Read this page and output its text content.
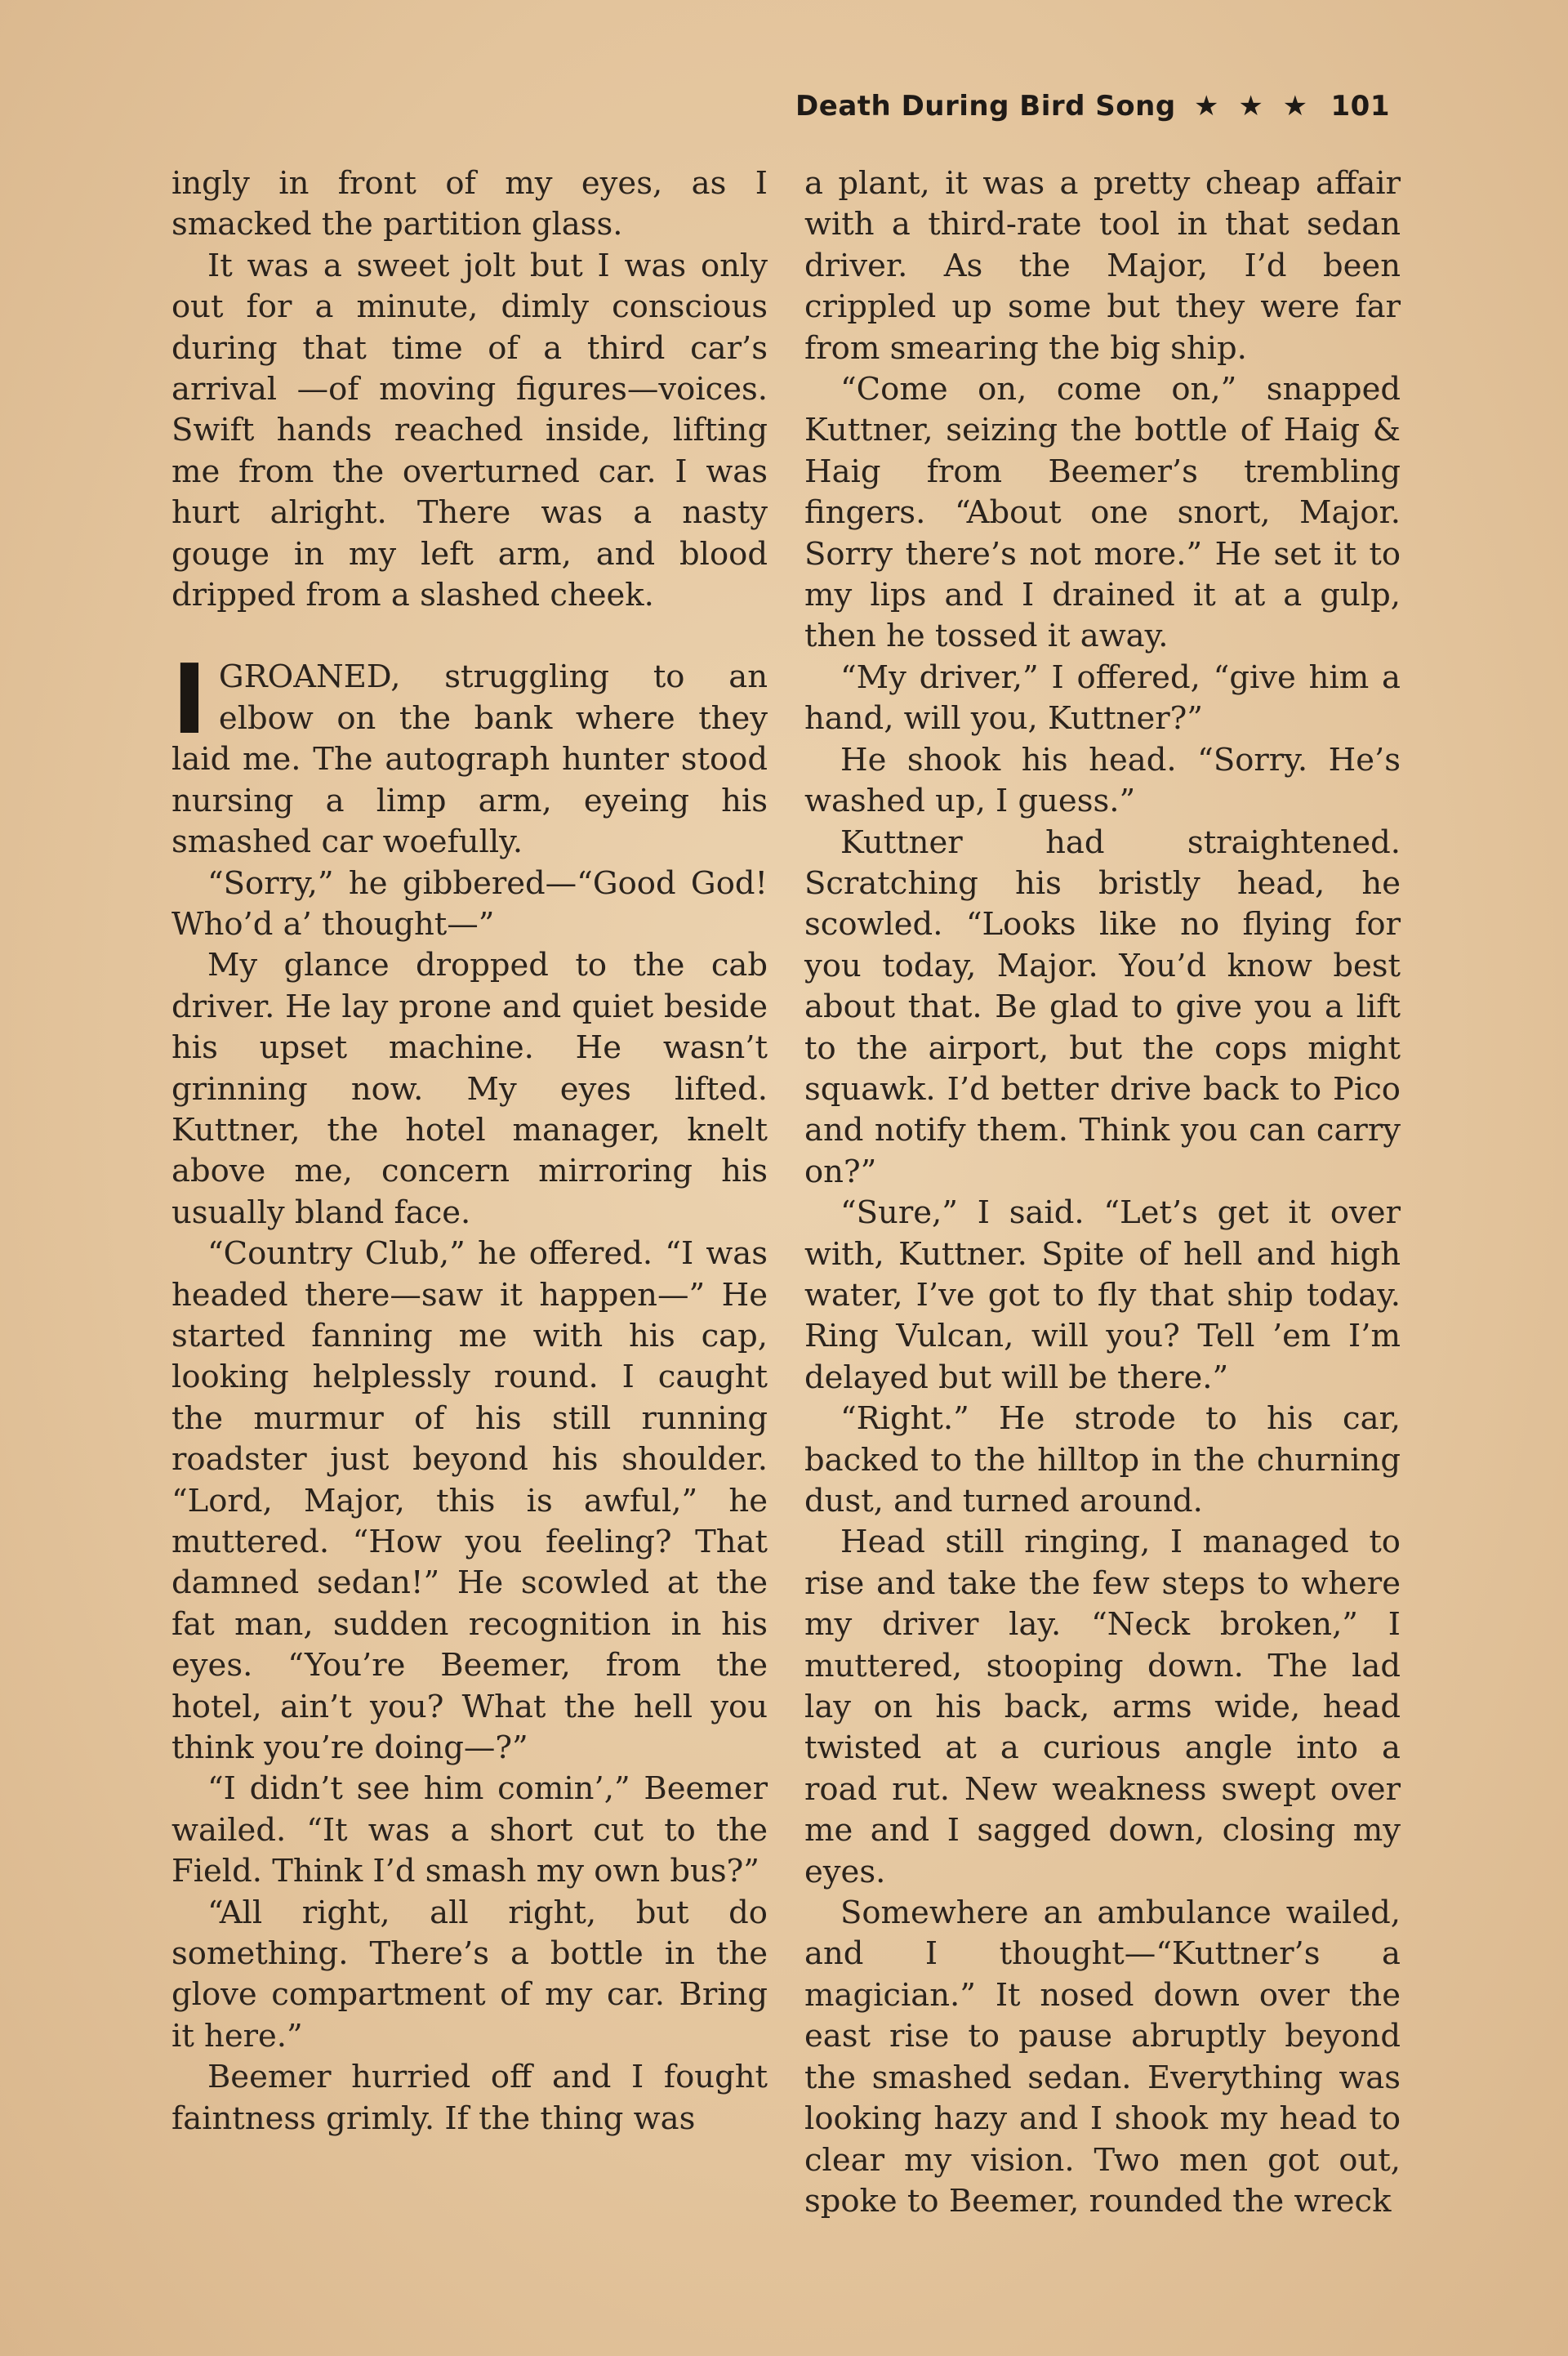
Death During Bird Song ★ ★ ★ 101

ingly in front of my eyes, as I smacked the partition glass.

It was a sweet jolt but I was only out for a minute, dimly conscious during that time of a third car’s arrival —of moving figures—voices. Swift hands reached inside, lifting me from the overturned car. I was hurt alright. There was a nasty gouge in my left arm, and blood dripped from a slashed cheek.

IGROANED, struggling to an elbow on the bank where they laid me. The autograph hunter stood nursing a limp arm, eyeing his smashed car woefully.

“Sorry,” he gibbered—“Good God! Who’d a’ thought—”

My glance dropped to the cab driver. He lay prone and quiet beside his upset machine. He wasn’t grinning now. My eyes lifted. Kuttner, the hotel manager, knelt above me, concern mirroring his usually bland face.

“Country Club,” he offered. “I was headed there—saw it happen—” He started fanning me with his cap, looking helplessly round. I caught the murmur of his still running roadster just beyond his shoulder. “Lord, Major, this is awful,” he muttered. “How you feeling? That damned sedan!” He scowled at the fat man, sudden recognition in his eyes. “You’re Beemer, from the hotel, ain’t you? What the hell you think you’re doing—?”

“I didn’t see him comin’,” Beemer wailed. “It was a short cut to the Field. Think I’d smash my own bus?”

“All right, all right, but do something. There’s a bottle in the glove compartment of my car. Bring it here.”

Beemer hurried off and I fought faintness grimly. If the thing was

a plant, it was a pretty cheap affair with a third-rate tool in that sedan driver. As the Major, I’d been crippled up some but they were far from smearing the big ship.

“Come on, come on,” snapped Kuttner, seizing the bottle of Haig & Haig from Beemer’s trembling fingers. “About one snort, Major. Sorry there’s not more.” He set it to my lips and I drained it at a gulp, then he tossed it away.

“My driver,” I offered, “give him a hand, will you, Kuttner?”

He shook his head. “Sorry. He’s washed up, I guess.”

Kuttner had straightened. Scratching his bristly head, he scowled. “Looks like no flying for you today, Major. You’d know best about that. Be glad to give you a lift to the airport, but the cops might squawk. I’d better drive back to Pico and notify them. Think you can carry on?”

“Sure,” I said. “Let’s get it over with, Kuttner. Spite of hell and high water, I’ve got to fly that ship today. Ring Vulcan, will you? Tell ’em I’m delayed but will be there.”

“Right.” He strode to his car, backed to the hilltop in the churning dust, and turned around.

Head still ringing, I managed to rise and take the few steps to where my driver lay. “Neck broken,” I muttered, stooping down. The lad lay on his back, arms wide, head twisted at a curious angle into a road rut. New weakness swept over me and I sagged down, closing my eyes.

Somewhere an ambulance wailed, and I thought—“Kuttner’s a magician.” It nosed down over the east rise to pause abruptly beyond the smashed sedan. Everything was looking hazy and I shook my head to clear my vision. Two men got out, spoke to Beemer, rounded the wreck
